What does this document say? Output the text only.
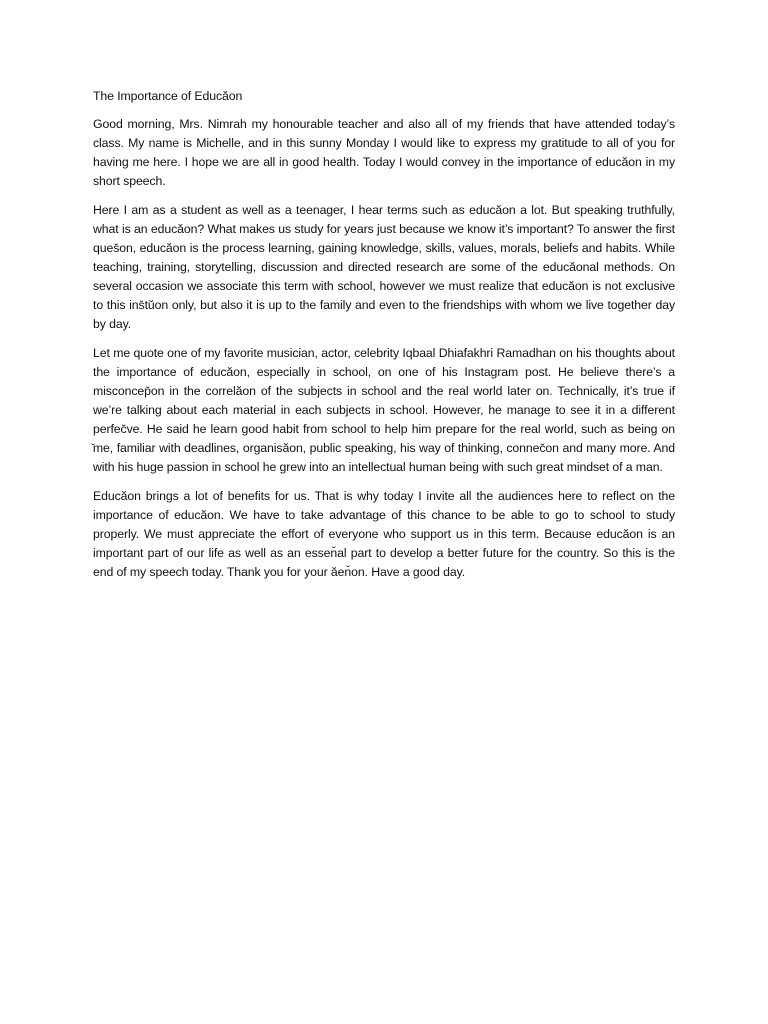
The Importance of Educăon

Good morning, Mrs. Nimrah my honourable teacher and also all of my friends that have attended today’s class. My name is Michelle, and in this sunny Monday I would like to express my gratitude to all of you for having me here. I hope we are all in good health. Today I would convey in the importance of educăon in my short speech.

Here I am as a student as well as a teenager, I hear terms such as educăon a lot. But speaking truthfully, what is an educăon? What makes us study for years just because we know it’s important? To answer the first ques̆on, educăon is the process learning, gaining knowledge, skills, values, morals, beliefs and habits. While teaching, training, storytelling, discussion and directed research are some of the educăonal methods. On several occasion we associate this term with school, however we must realize that educăon is not exclusive to this ins̆tŭon only, but also it is up to the family and even to the friendships with whom we live together day by day.

Let me quote one of my favorite musician, actor, celebrity Iqbaal Dhiafakhri Ramadhan on his thoughts about the importance of educăon, especially in school, on one of his Instagram post. He believe there’s a misconcep̆on in the correlăon of the subjects in school and the real world later on. Technically, it’s true if we’re talking about each material in each subjects in school. However, he manage to see it in a different perfec̆ve. He said he learn good habit from school to help him prepare for the real world, such as being on ̆me, familiar with deadlines, organisăon, public speaking, his way of thinking, connec̆on and many more. And with his huge passion in school he grew into an intellectual human being with such great mindset of a man.

Educăon brings a lot of benefits for us. That is why today I invite all the audiences here to reflect on the importance of educăon. We have to take advantage of this chance to be able to go to school to study properly. We must appreciate the effort of everyone who support us in this term. Because educăon is an important part of our life as well as an essen̆al part to develop a better future for the country. So this is the end of my speech today. Thank you for your ăen̆on. Have a good day.
